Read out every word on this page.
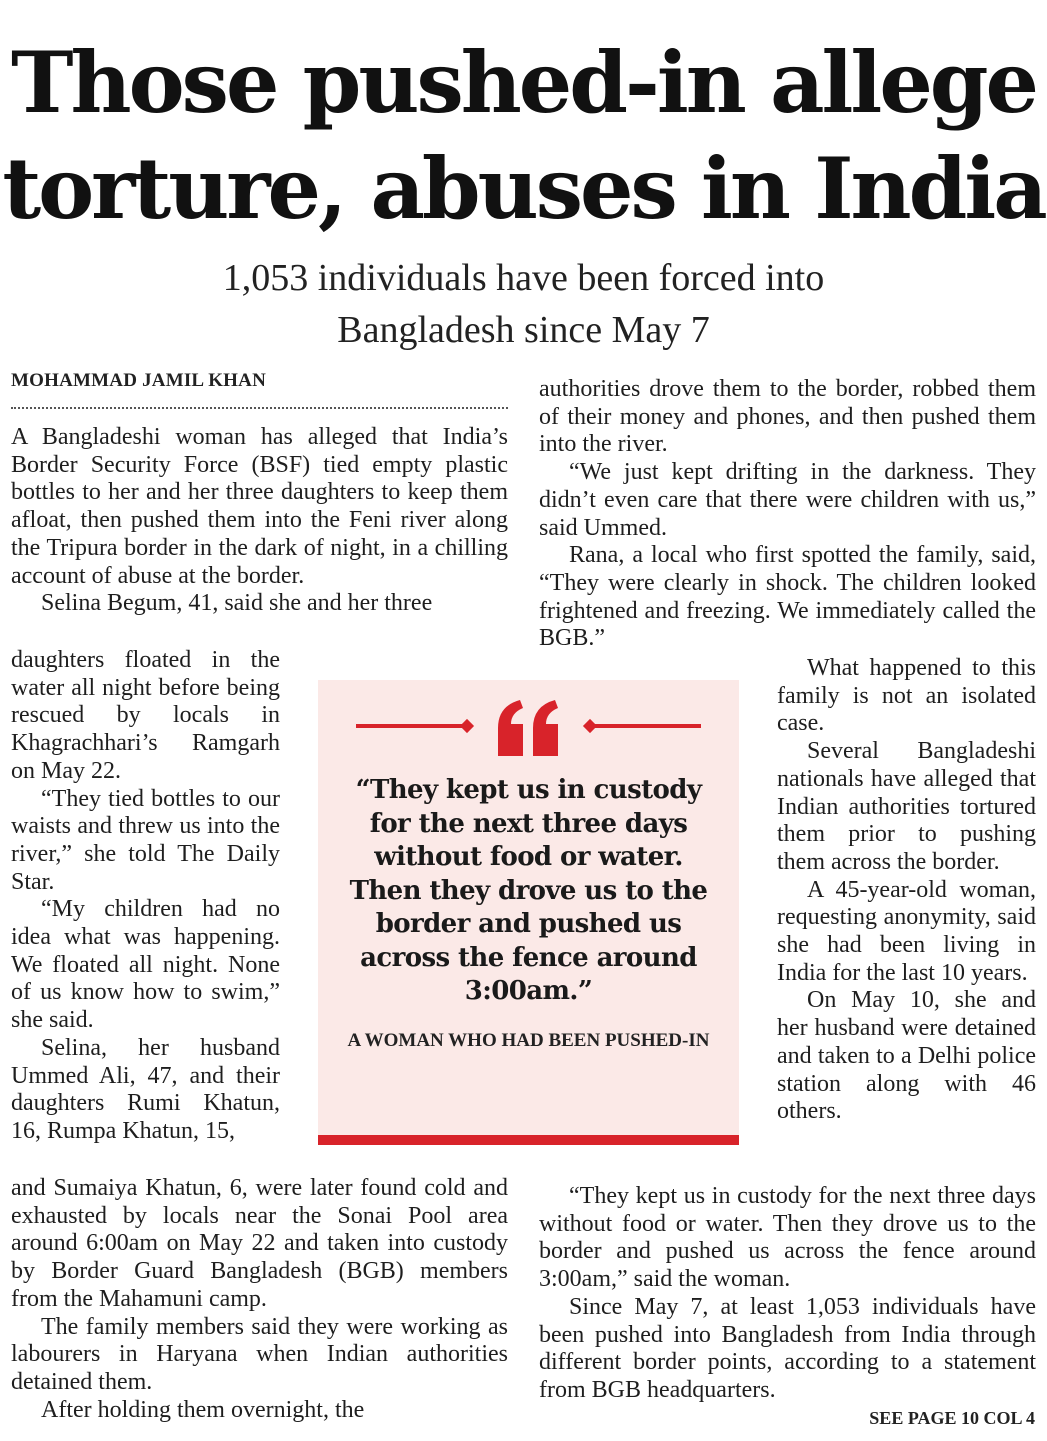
Those pushed-in allege
torture, abuses in India
1,053 individuals have been forced into
Bangladesh since May 7
MOHAMMAD JAMIL KHAN

A Bangladeshi woman has alleged that India’s Border Security Force (BSF) tied empty plastic bottles to her and her three daughters to keep them afloat, then pushed them into the Feni river along the Tripura border in the dark of night, in a chilling account of abuse at the border.

Selina Begum, 41, said she and her three

daughters floated in the water all night before being rescued by locals in Khagrachhari’s Ramgarh on May 22.

“They tied bottles to our waists and threw us into the river,” she told The Daily Star.

“My children had no idea what was happening. We floated all night. None of us know how to swim,” she said.

Selina, her husband Ummed Ali, 47, and their daughters Rumi Khatun, 16, Rumpa Khatun, 15,

and Sumaiya Khatun, 6, were later found cold and exhausted by locals near the Sonai Pool area around 6:00am on May 22 and taken into custody by Border Guard Bangladesh (BGB) members from the Mahamuni camp.

The family members said they were working as labourers in Haryana when Indian authorities detained them.

After holding them overnight, the

authorities drove them to the border, robbed them of their money and phones, and then pushed them into the river.

“We just kept drifting in the darkness. They didn’t even care that there were children with us,” said Ummed.

Rana, a local who first spotted the family, said, “They were clearly in shock. The children looked frightened and freezing. We immediately called the BGB.”

What happened to this family is not an isolated case.

Several Bangladeshi nationals have alleged that Indian authorities tortured them prior to pushing them across the border.

A 45-year-old woman, requesting anonymity, said she had been living in India for the last 10 years.

On May 10, she and her husband were detained and taken to a Delhi police station along with 46 others.

“They kept us in custody for the next three days without food or water. Then they drove us to the border and pushed us across the fence around 3:00am,” said the woman.

Since May 7, at least 1,053 individuals have been pushed into Bangladesh from India through different border points, according to a statement from BGB headquarters.

“They kept us in custody for the next three days without food or water. Then they drove us to the border and pushed us across the fence around 3:00am.”
A WOMAN WHO HAD BEEN PUSHED-IN
SEE PAGE 10 COL 4
